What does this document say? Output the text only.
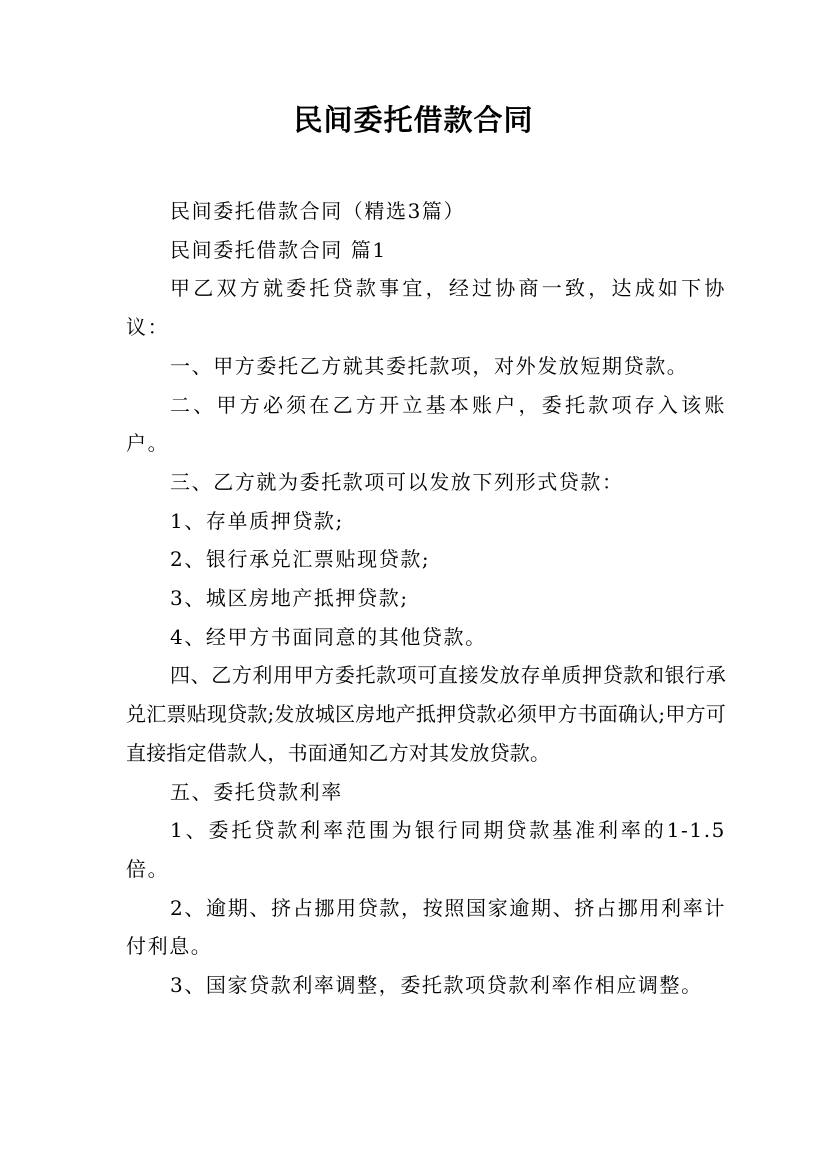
民间委托借款合同

民间委托借款合同（精选3篇）

民间委托借款合同 篇1

甲乙双方就委托贷款事宜，经过协商一致，达成如下协议：

一、甲方委托乙方就其委托款项，对外发放短期贷款。

二、甲方必须在乙方开立基本账户，委托款项存入该账户。

三、乙方就为委托款项可以发放下列形式贷款：

1、存单质押贷款;

2、银行承兑汇票贴现贷款;

3、城区房地产抵押贷款;

4、经甲方书面同意的其他贷款。

四、乙方利用甲方委托款项可直接发放存单质押贷款和银行承兑汇票贴现贷款;发放城区房地产抵押贷款必须甲方书面确认;甲方可直接指定借款人，书面通知乙方对其发放贷款。

五、委托贷款利率

1、委托贷款利率范围为银行同期贷款基准利率的1-1.5倍。

2、逾期、挤占挪用贷款，按照国家逾期、挤占挪用利率计付利息。

3、国家贷款利率调整，委托款项贷款利率作相应调整。
